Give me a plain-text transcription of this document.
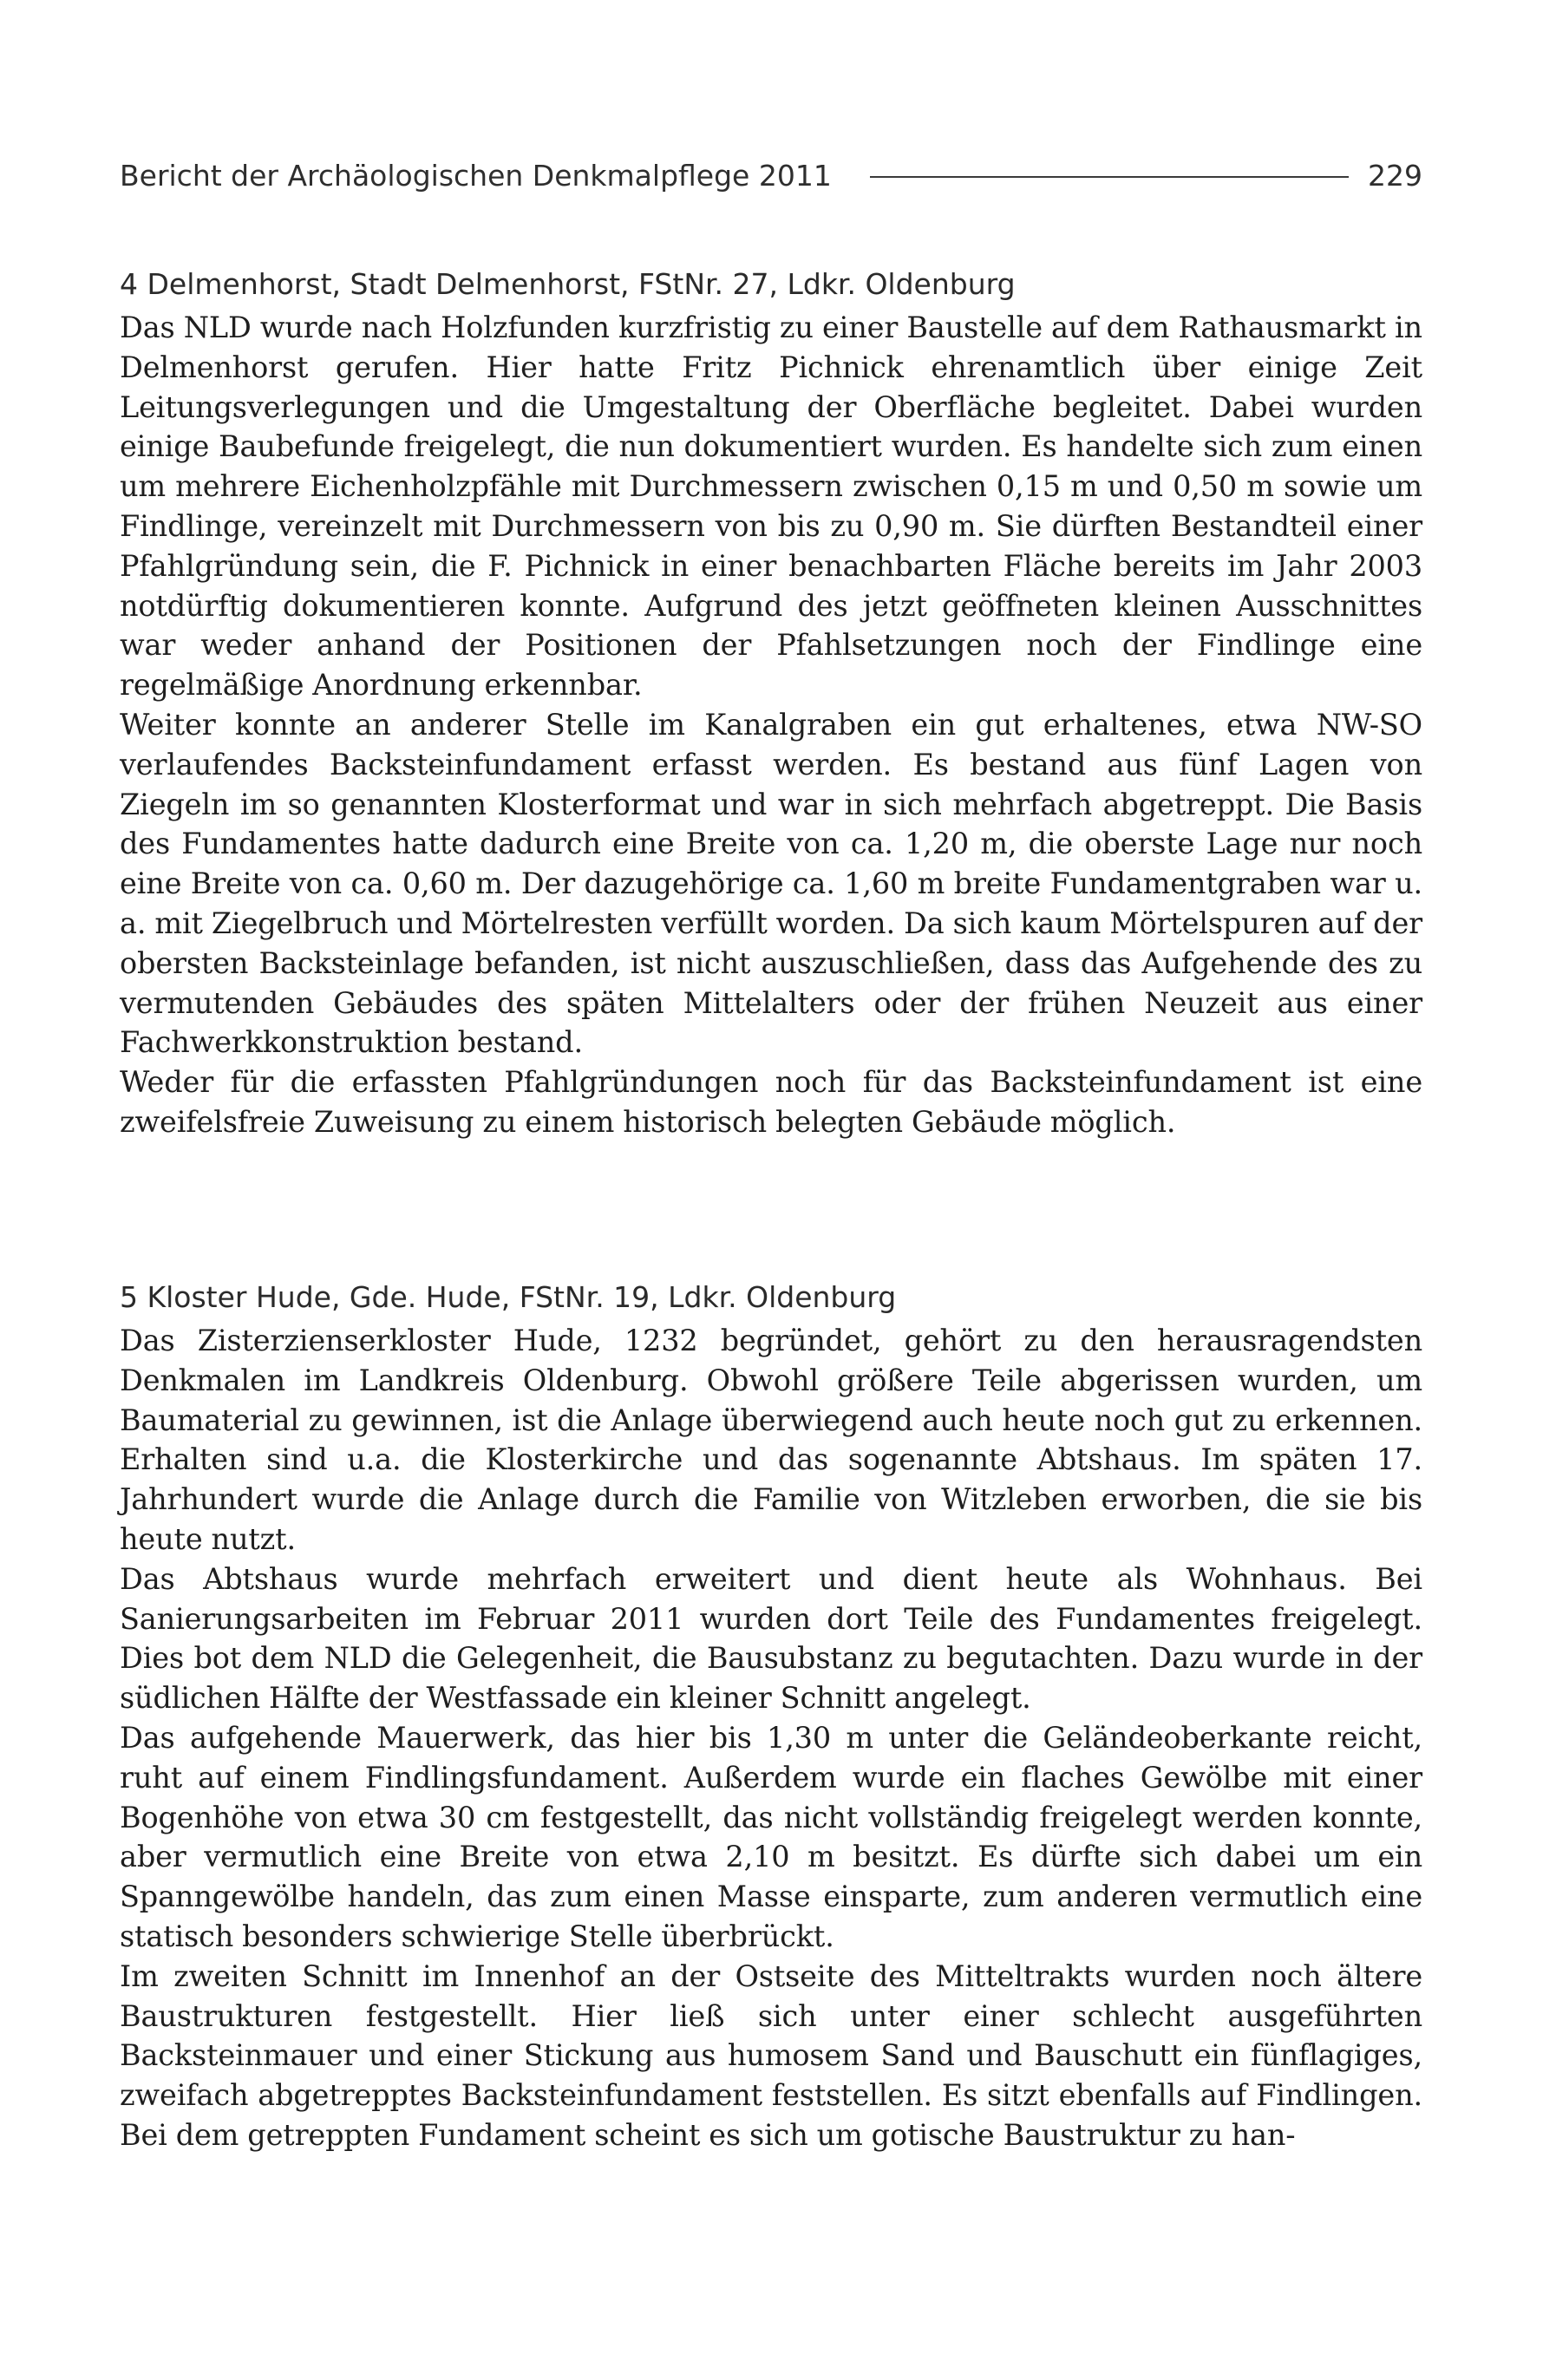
Bericht der Archäologischen Denkmalpflege 2011	229
4 Delmenhorst, Stadt Delmenhorst, FStNr. 27, Ldkr. Oldenburg

Das NLD wurde nach Holzfunden kurzfristig zu einer Baustelle auf dem Rathausmarkt in Delmenhorst gerufen. Hier hatte Fritz Pichnick ehrenamtlich über einige Zeit Leitungsverlegungen und die Umgestaltung der Oberfläche begleitet. Dabei wurden einige Baubefunde freigelegt, die nun dokumentiert wurden. Es handelte sich zum einen um mehrere Eichenholzpfähle mit Durchmessern zwischen 0,15 m und 0,50 m sowie um Findlinge, vereinzelt mit Durchmessern von bis zu 0,90 m. Sie dürften Bestandteil einer Pfahlgründung sein, die F. Pichnick in einer benachbarten Fläche bereits im Jahr 2003 notdürftig dokumentieren konnte. Aufgrund des jetzt geöffneten kleinen Ausschnittes war weder anhand der Positionen der Pfahlsetzungen noch der Findlinge eine regelmäßige Anordnung erkennbar.

Weiter konnte an anderer Stelle im Kanalgraben ein gut erhaltenes, etwa NW-SO verlaufendes Backsteinfundament erfasst werden. Es bestand aus fünf Lagen von Ziegeln im so genannten Klosterformat und war in sich mehrfach abgetreppt. Die Basis des Fundamentes hatte dadurch eine Breite von ca. 1,20 m, die oberste Lage nur noch eine Breite von ca. 0,60 m. Der dazugehörige ca. 1,60 m breite Fundamentgraben war u. a. mit Ziegelbruch und Mörtelresten verfüllt worden. Da sich kaum Mörtelspuren auf der obersten Backsteinlage befanden, ist nicht auszuschließen, dass das Aufgehende des zu vermutenden Gebäudes des späten Mittelalters oder der frühen Neuzeit aus einer Fachwerkkonstruktion bestand.

Weder für die erfassten Pfahlgründungen noch für das Backsteinfundament ist eine zweifelsfreie Zuweisung zu einem historisch belegten Gebäude möglich.

5 Kloster Hude, Gde. Hude, FStNr. 19, Ldkr. Oldenburg

Das Zisterzienserkloster Hude, 1232 begründet, gehört zu den herausragendsten Denkmalen im Landkreis Oldenburg. Obwohl größere Teile abgerissen wurden, um Baumaterial zu gewinnen, ist die Anlage überwiegend auch heute noch gut zu erkennen. Erhalten sind u.a. die Klosterkirche und das sogenannte Abtshaus. Im späten 17. Jahrhundert wurde die Anlage durch die Familie von Witzleben erworben, die sie bis heute nutzt.

Das Abtshaus wurde mehrfach erweitert und dient heute als Wohnhaus. Bei Sanierungsarbeiten im Februar 2011 wurden dort Teile des Fundamentes freigelegt. Dies bot dem NLD die Gelegenheit, die Bausubstanz zu begutachten. Dazu wurde in der südlichen Hälfte der Westfassade ein kleiner Schnitt angelegt.

Das aufgehende Mauerwerk, das hier bis 1,30 m unter die Geländeoberkante reicht, ruht auf einem Findlingsfundament. Außerdem wurde ein flaches Gewölbe mit einer Bogenhöhe von etwa 30 cm festgestellt, das nicht vollständig freigelegt werden konnte, aber vermutlich eine Breite von etwa 2,10 m besitzt. Es dürfte sich dabei um ein Spanngewölbe handeln, das zum einen Masse einsparte, zum anderen vermutlich eine statisch besonders schwierige Stelle überbrückt.

Im zweiten Schnitt im Innenhof an der Ostseite des Mitteltrakts wurden noch ältere Baustrukturen festgestellt. Hier ließ sich unter einer schlecht ausgeführten Backsteinmauer und einer Stickung aus humosem Sand und Bauschutt ein fünflagiges, zweifach abgetrepptes Backsteinfundament feststellen. Es sitzt ebenfalls auf Findlingen. Bei dem getreppten Fundament scheint es sich um gotische Baustruktur zu han-
